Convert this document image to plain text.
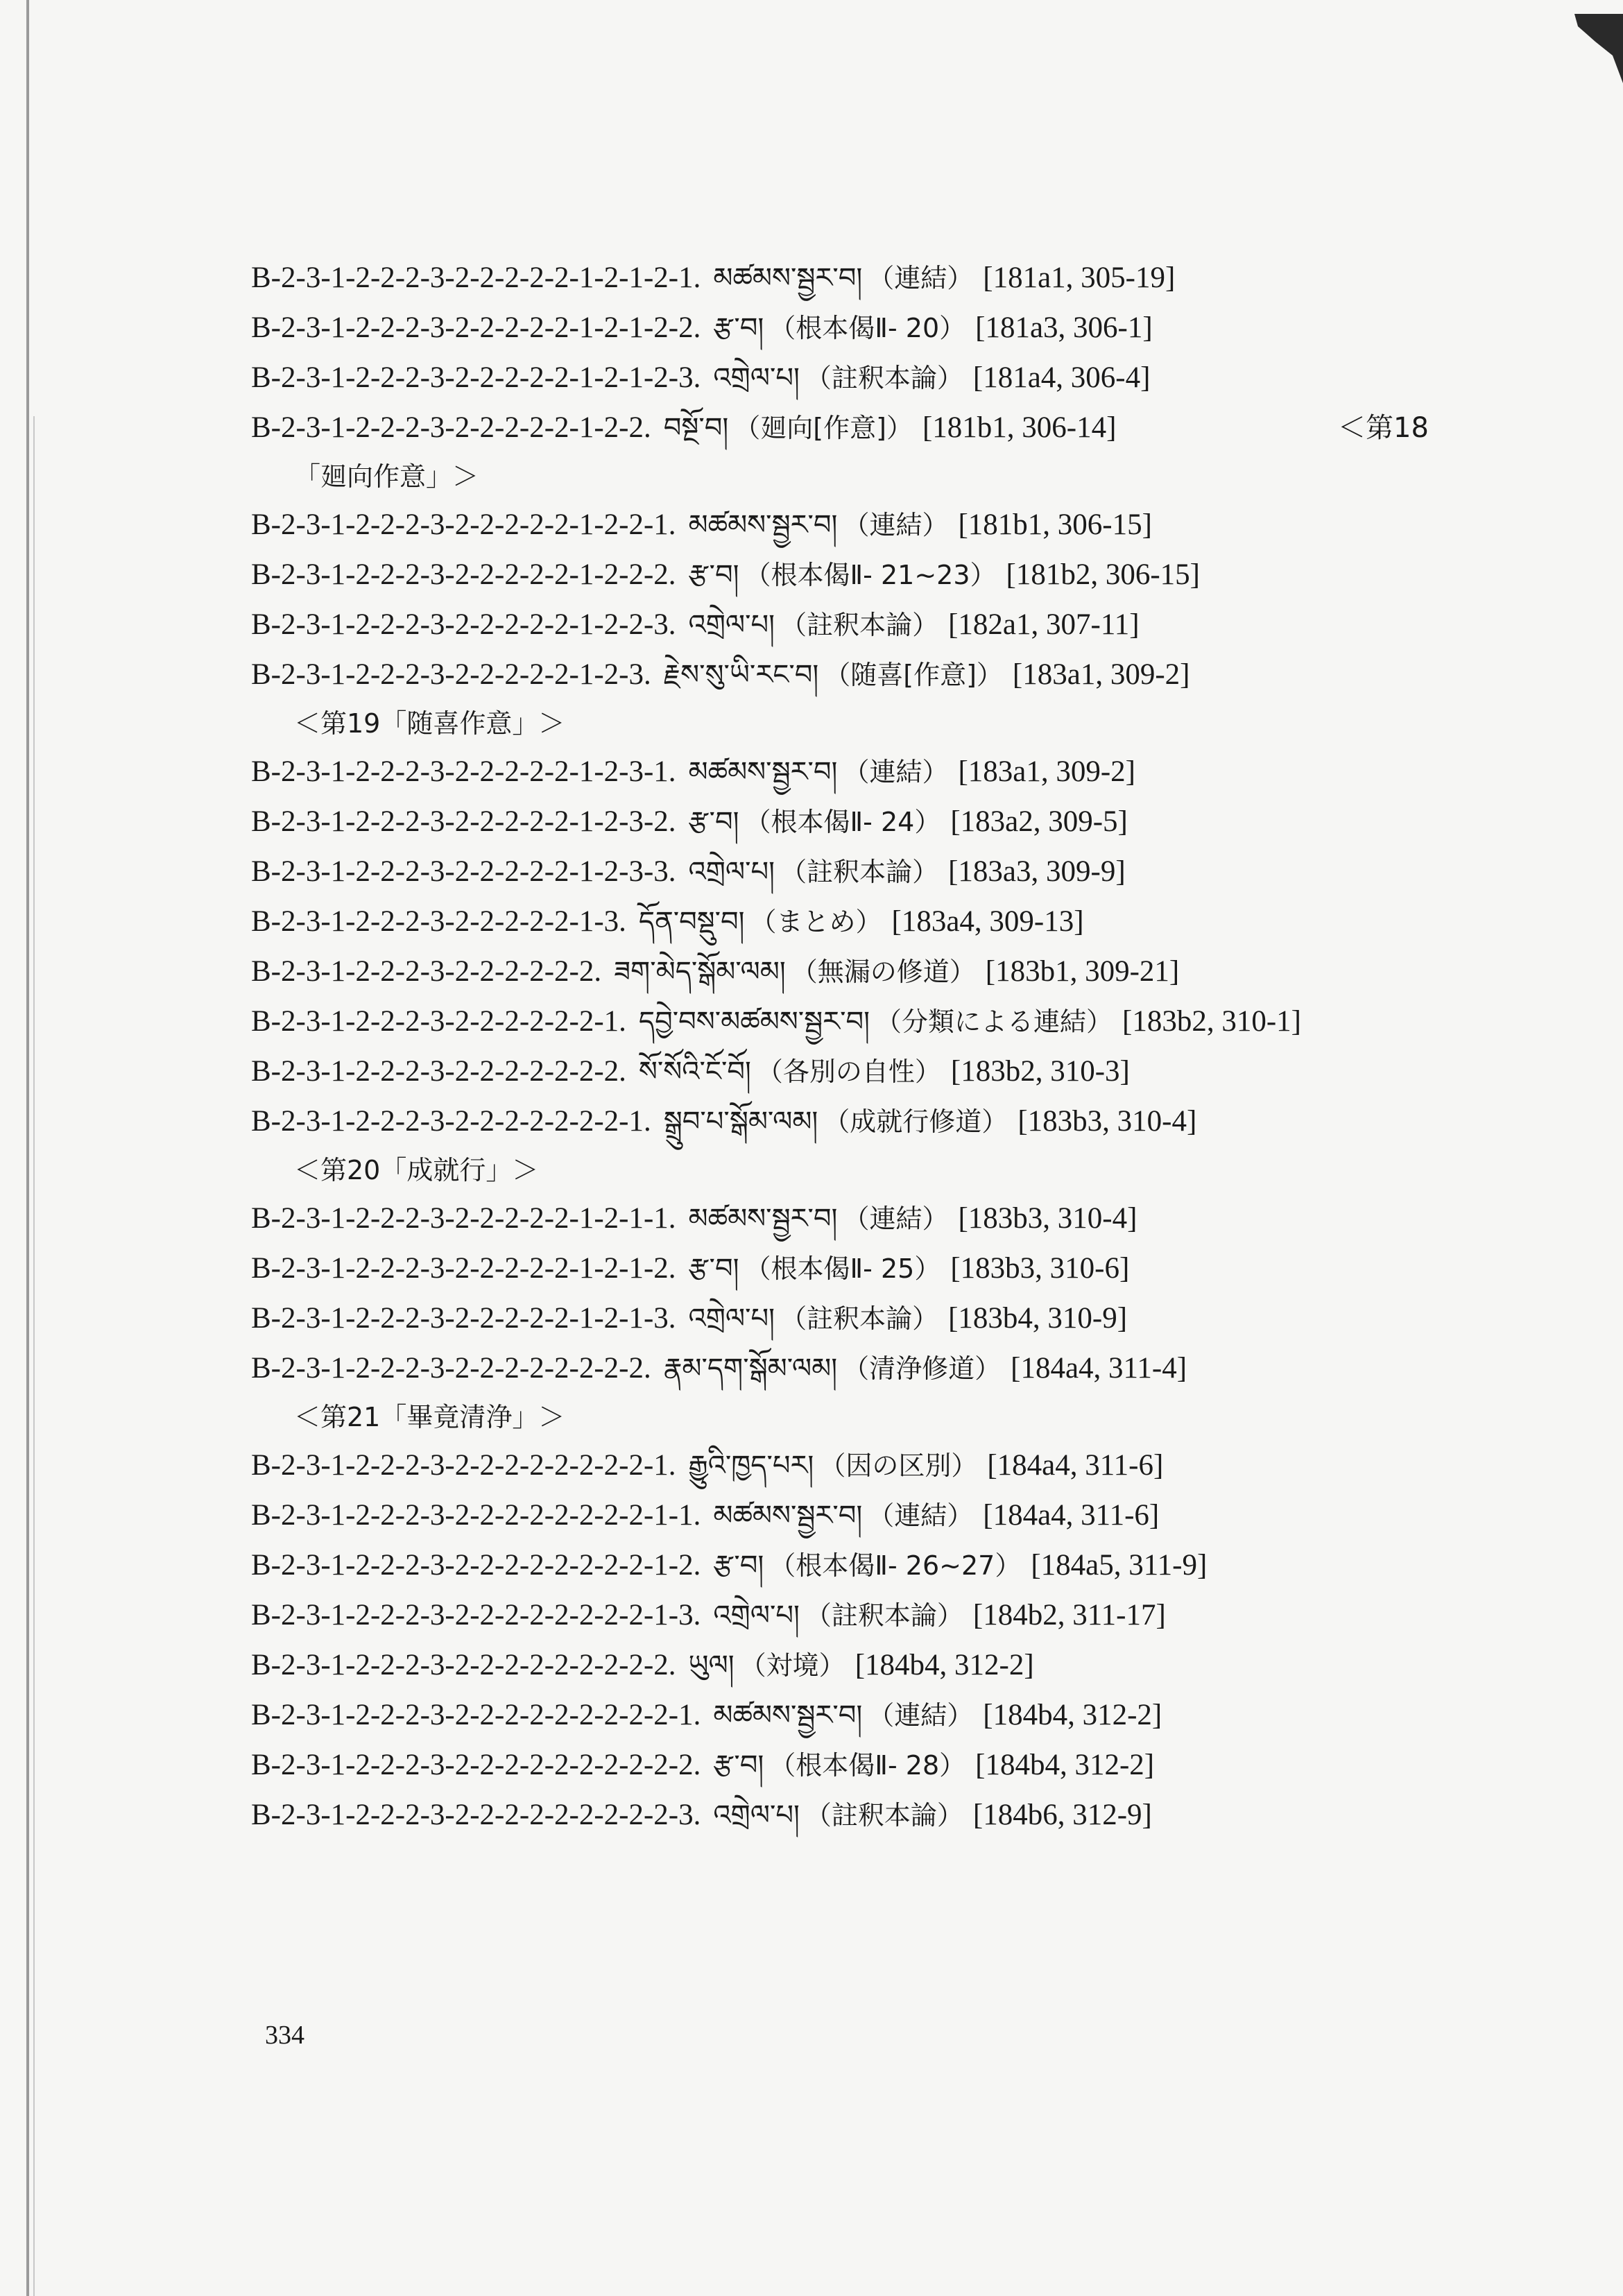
B-2-3-1-2-2-2-3-2-2-2-2-2-1-2-1-2-1. མཚམས་སྦྱར་བ། （連結） [181a1, 305-19]
B-2-3-1-2-2-2-3-2-2-2-2-2-1-2-1-2-2. རྩ་བ། （根本偈Ⅱ- 20） [181a3, 306-1]
B-2-3-1-2-2-2-3-2-2-2-2-2-1-2-1-2-3. འགྲེལ་པ། （註釈本論） [181a4, 306-4]
B-2-3-1-2-2-2-3-2-2-2-2-2-1-2-2. བསྔོ་བ། （廻向[作意]） [181b1, 306-14]	＜第18
「廻向作意」＞
B-2-3-1-2-2-2-3-2-2-2-2-2-1-2-2-1. མཚམས་སྦྱར་བ། （連結） [181b1, 306-15]
B-2-3-1-2-2-2-3-2-2-2-2-2-1-2-2-2. རྩ་བ། （根本偈Ⅱ- 21~23） [181b2, 306-15]
B-2-3-1-2-2-2-3-2-2-2-2-2-1-2-2-3. འགྲེལ་པ། （註釈本論） [182a1, 307-11]
B-2-3-1-2-2-2-3-2-2-2-2-2-1-2-3. རྗེས་སུ་ཡི་རང་བ། （随喜[作意]） [183a1, 309-2]
＜第19「随喜作意」＞
B-2-3-1-2-2-2-3-2-2-2-2-2-1-2-3-1. མཚམས་སྦྱར་བ། （連結） [183a1, 309-2]
B-2-3-1-2-2-2-3-2-2-2-2-2-1-2-3-2. རྩ་བ། （根本偈Ⅱ- 24） [183a2, 309-5]
B-2-3-1-2-2-2-3-2-2-2-2-2-1-2-3-3. འགྲེལ་པ། （註釈本論） [183a3, 309-9]
B-2-3-1-2-2-2-3-2-2-2-2-2-1-3. དོན་བསྡུ་བ། （まとめ） [183a4, 309-13]
B-2-3-1-2-2-2-3-2-2-2-2-2-2. ཟག་མེད་སྒོམ་ལམ། （無漏の修道） [183b1, 309-21]
B-2-3-1-2-2-2-3-2-2-2-2-2-2-1. དབྱེ་བས་མཚམས་སྦྱར་བ། （分類による連結） [183b2, 310-1]
B-2-3-1-2-2-2-3-2-2-2-2-2-2-2. སོ་སོའི་ངོ་བོ། （各別の自性） [183b2, 310-3]
B-2-3-1-2-2-2-3-2-2-2-2-2-2-2-1. སྒྲུབ་པ་སྒོམ་ལམ། （成就行修道） [183b3, 310-4]
＜第20「成就行」＞
B-2-3-1-2-2-2-3-2-2-2-2-2-1-2-1-1. མཚམས་སྦྱར་བ། （連結） [183b3, 310-4]
B-2-3-1-2-2-2-3-2-2-2-2-2-1-2-1-2. རྩ་བ། （根本偈Ⅱ- 25） [183b3, 310-6]
B-2-3-1-2-2-2-3-2-2-2-2-2-1-2-1-3. འགྲེལ་པ། （註釈本論） [183b4, 310-9]
B-2-3-1-2-2-2-3-2-2-2-2-2-2-2-2. རྣམ་དག་སྒོམ་ལམ། （清浄修道） [184a4, 311-4]
＜第21「畢竟清浄」＞
B-2-3-1-2-2-2-3-2-2-2-2-2-2-2-2-1. རྒྱུའི་ཁྱད་པར། （因の区別） [184a4, 311-6]
B-2-3-1-2-2-2-3-2-2-2-2-2-2-2-2-1-1. མཚམས་སྦྱར་བ། （連結） [184a4, 311-6]
B-2-3-1-2-2-2-3-2-2-2-2-2-2-2-2-1-2. རྩ་བ། （根本偈Ⅱ- 26~27） [184a5, 311-9]
B-2-3-1-2-2-2-3-2-2-2-2-2-2-2-2-1-3. འགྲེལ་པ། （註釈本論） [184b2, 311-17]
B-2-3-1-2-2-2-3-2-2-2-2-2-2-2-2-2. ཡུལ། （対境） [184b4, 312-2]
B-2-3-1-2-2-2-3-2-2-2-2-2-2-2-2-2-1. མཚམས་སྦྱར་བ། （連結） [184b4, 312-2]
B-2-3-1-2-2-2-3-2-2-2-2-2-2-2-2-2-2. རྩ་བ། （根本偈Ⅱ- 28） [184b4, 312-2]
B-2-3-1-2-2-2-3-2-2-2-2-2-2-2-2-2-3. འགྲེལ་པ། （註釈本論） [184b6, 312-9]
334
